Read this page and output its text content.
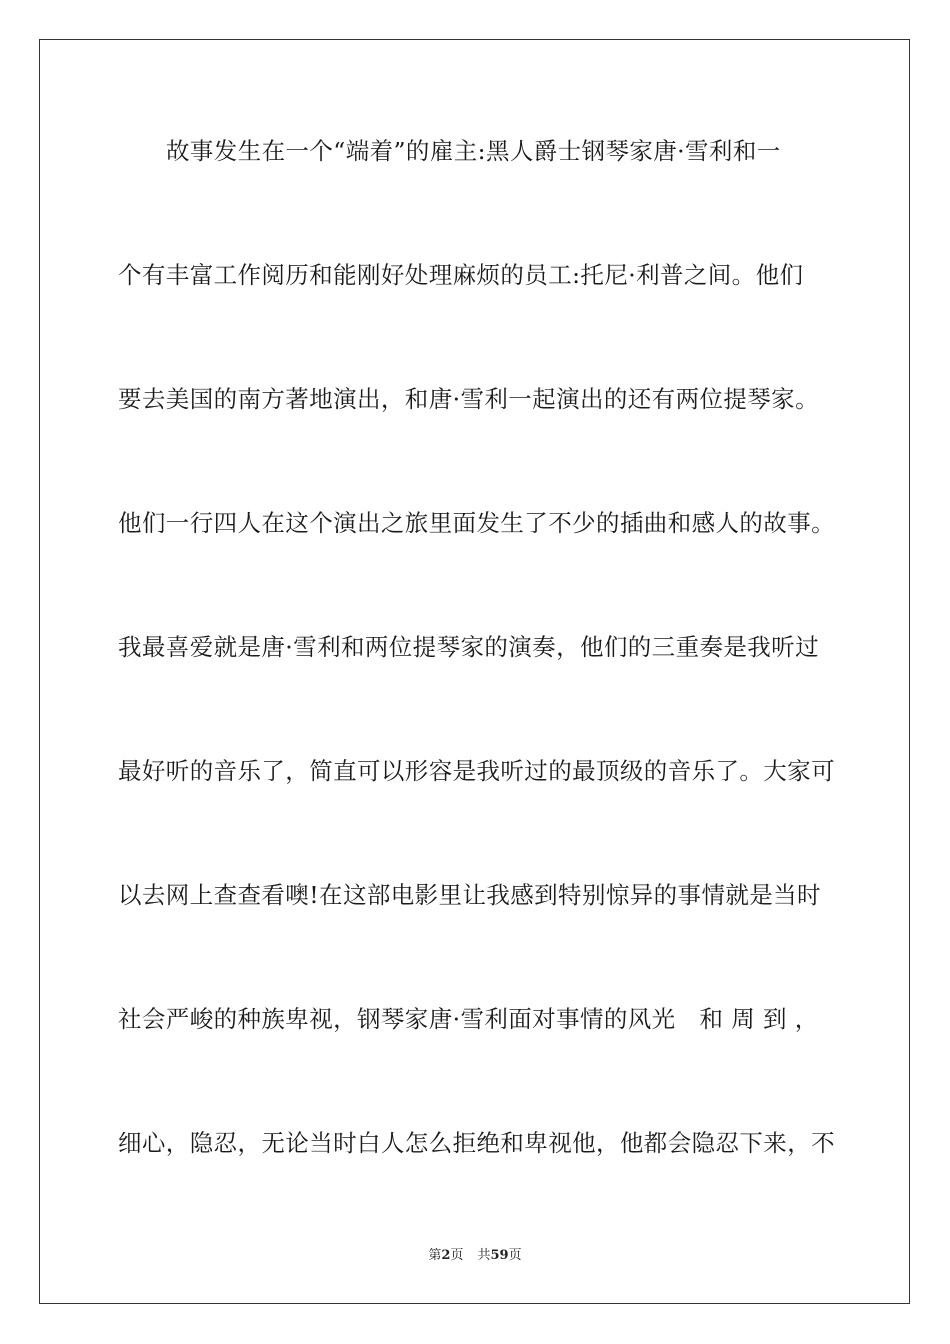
故事发生在一个“端着”的雇主:黑人爵士钢琴家唐·雪利和一
个有丰富工作阅历和能刚好处理麻烦的员工:托尼·利普之间。他们
要去美国的南方著地演出，和唐·雪利一起演出的还有两位提琴家。
他们一行四人在这个演出之旅里面发生了不少的插曲和感人的故事。
我最喜爱就是唐·雪利和两位提琴家的演奏，他们的三重奏是我听过
最好听的音乐了，简直可以形容是我听过的最顶级的音乐了。大家可
以去网上查查看噢!在这部电影里让我感到特别惊异的事情就是当时
社会严峻的种族卑视，钢琴家唐·雪利面对事情的风光　和 周 到 ，
细心，隐忍，无论当时白人怎么拒绝和卑视他，他都会隐忍下来，不
第2页 共59页
